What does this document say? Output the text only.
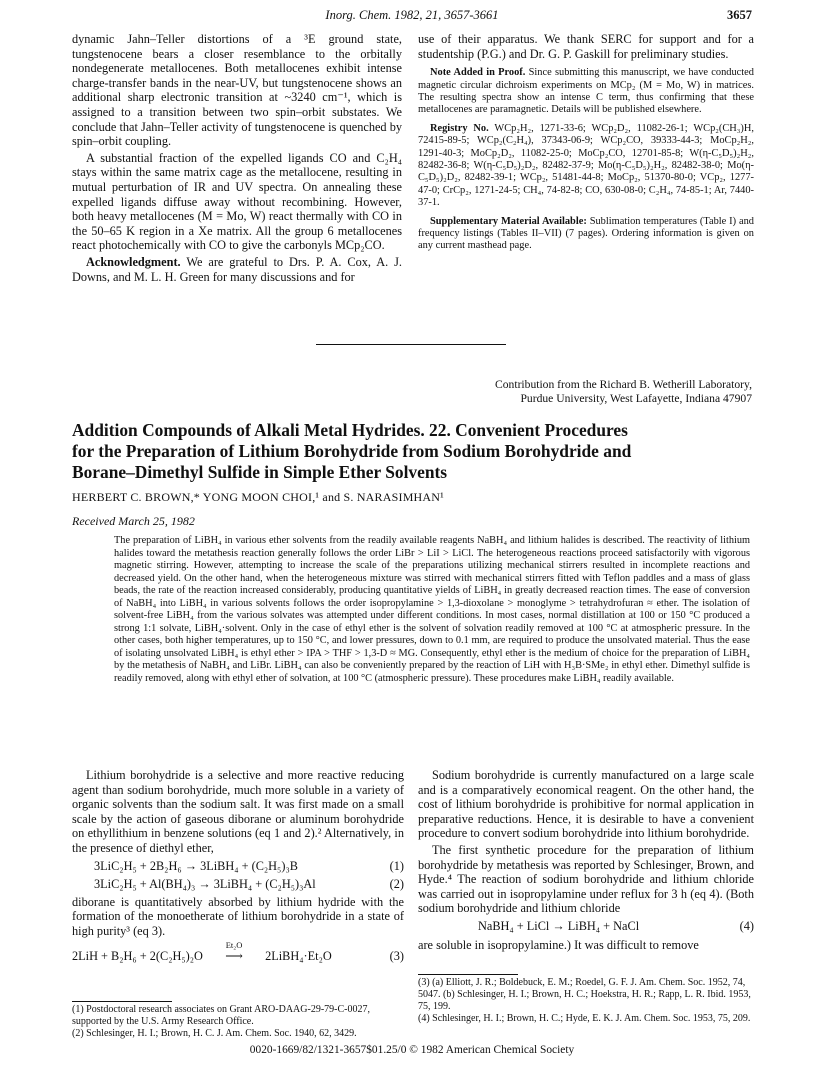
Inorg. Chem. 1982, 21, 3657-3661	3657

dynamic Jahn–Teller distortions of a ³E ground state, tungstenocene bears a closer resemblance to the orbitally nondegenerate metallocenes. Both metallocenes exhibit intense charge-transfer bands in the near-UV, but tungstenocene shows an additional sharp electronic transition at ~3240 cm⁻¹, which is assigned to a transition between two spin–orbit substates. We conclude that Jahn–Teller activity of tungstenocene is quenched by spin–orbit coupling.

A substantial fraction of the expelled ligands CO and C₂H₄ stays within the same matrix cage as the metallocene, resulting in mutual perturbation of IR and UV spectra. On annealing these expelled ligands diffuse away without recombining. However, both heavy metallocenes (M = Mo, W) react thermally with CO in the 50–65 K region in a Xe matrix. All the group 6 metallocenes react photochemically with CO to give the carbonyls MCp₂CO.

Acknowledgment. We are grateful to Drs. P. A. Cox, A. J. Downs, and M. L. H. Green for many discussions and for

use of their apparatus. We thank SERC for support and for a studentship (P.G.) and Dr. G. P. Gaskill for preliminary studies.

Note Added in Proof. Since submitting this manuscript, we have conducted magnetic circular dichroism experiments on MCp₂ (M = Mo, W) in matrices. The resulting spectra show an intense C term, thus confirming that these metallocenes are paramagnetic. Details will be published elsewhere.

Registry No. WCp₂H₂, 1271-33-6; WCp₂D₂, 11082-26-1; WCp₂(CH₃)H, 72415-89-5; WCp₂(C₂H₄), 37343-06-9; WCp₂CO, 39333-44-3; MoCp₂H₂, 1291-40-3; MoCp₂D₂, 11082-25-0; MoCp₂CO, 12701-85-8; W(η-C₅D₅)₂H₂, 82482-36-8; W(η-C₅D₅)₂D₂, 82482-37-9; Mo(η-C₅D₅)₂H₂, 82482-38-0; Mo(η-C₅D₅)₂D₂, 82482-39-1; WCp₂, 51481-44-8; MoCp₂, 51370-80-0; VCp₂, 1277-47-0; CrCp₂, 1271-24-5; CH₄, 74-82-8; CO, 630-08-0; C₂H₄, 74-85-1; Ar, 7440-37-1.

Supplementary Material Available: Sublimation temperatures (Table I) and frequency listings (Tables II–VII) (7 pages). Ordering information is given on any current masthead page.

Contribution from the Richard B. Wetherill Laboratory,
Purdue University, West Lafayette, Indiana 47907
Addition Compounds of Alkali Metal Hydrides. 22. Convenient Procedures
for the Preparation of Lithium Borohydride from Sodium Borohydride and
Borane–Dimethyl Sulfide in Simple Ether Solvents
HERBERT C. BROWN,* YONG MOON CHOI,¹ and S. NARASIMHAN¹
Received March 25, 1982
The preparation of LiBH₄ in various ether solvents from the readily available reagents NaBH₄ and lithium halides is described. The reactivity of lithium halides toward the metathesis reaction generally follows the order LiBr > LiI > LiCl. The heterogeneous reactions proceed satisfactorily with vigorous magnetic stirring. However, attempting to increase the scale of the preparations utilizing mechanical stirrers resulted in incomplete reactions and decreased yield. On the other hand, when the heterogeneous mixture was stirred with mechanical stirrers fitted with Teflon paddles and a mass of glass beads, the rate of the reaction increased considerably, producing quantitative yields of LiBH₄ in greatly decreased reaction times. The ease of conversion of NaBH₄ into LiBH₄ in various solvents follows the order isopropylamine > 1,3-dioxolane > monoglyme > tetrahydrofuran ≈ ether. The isolation of solvent-free LiBH₄ from the various solvates was attempted under different conditions. In most cases, normal distillation at 100 or 150 °C produced a strong 1:1 solvate, LiBH₄·solvent. Only in the case of ethyl ether is the solvent of solvation readily removed at 100 °C at atmospheric pressure. In the other cases, both higher temperatures, up to 150 °C, and lower pressures, down to 0.1 mm, are required to produce the unsolvated material. Thus the ease of isolating unsolvated LiBH₄ is ethyl ether > IPA > THF > 1,3-D ≈ MG. Consequently, ethyl ether is the medium of choice for the preparation of LiBH₄ by the metathesis of NaBH₄ and LiBr. LiBH₄ can also be conveniently prepared by the reaction of LiH with H₃B·SMe₂ in ethyl ether. Dimethyl sulfide is readily removed, along with ethyl ether of solvation, at 100 °C (atmospheric pressure). These procedures make LiBH₄ readily available.

Lithium borohydride is a selective and more reactive reducing agent than sodium borohydride, much more soluble in a variety of organic solvents than the sodium salt. It was first made on a small scale by the action of gaseous diborane or aluminum borohydride on ethyllithium in benzene solutions (eq 1 and 2).² Alternatively, in the presence of diethyl ether,

3LiC₂H₅ + 2B₂H₆ → 3LiBH₄ + (C₂H₅)₃B	(1)
3LiC₂H₅ + Al(BH₄)₃ → 3LiBH₄ + (C₂H₅)₃Al	(2)

diborane is quantitatively absorbed by lithium hydride with the formation of the monoetherate of lithium borohydride in a state of high purity³ (eq 3).

2LiH + B₂H₆ + 2(C₂H₅)₂O
Et₂O
⟶ 2LiBH₄·Et₂O	(3)
(1) Postdoctoral research associates on Grant ARO-DAAG-29-79-C-0027, supported by the U.S. Army Research Office.
(2) Schlesinger, H. I.; Brown, H. C. J. Am. Chem. Soc. 1940, 62, 3429.

Sodium borohydride is currently manufactured on a large scale and is a comparatively economical reagent. On the other hand, the cost of lithium borohydride is prohibitive for normal application in preparative reductions. Hence, it is desirable to have a convenient procedure to convert sodium borohydride into lithium borohydride.

The first synthetic procedure for the preparation of lithium borohydride by metathesis was reported by Schlesinger, Brown, and Hyde.⁴ The reaction of sodium borohydride and lithium chloride was carried out in isopropylamine under reflux for 3 h (eq 4). (Both sodium borohydride and lithium chloride

NaBH₄ + LiCl → LiBH₄ + NaCl	(4)

are soluble in isopropylamine.) It was difficult to remove

(3) (a) Elliott, J. R.; Boldebuck, E. M.; Roedel, G. F. J. Am. Chem. Soc. 1952, 74, 5047. (b) Schlesinger, H. I.; Brown, H. C.; Hoekstra, H. R.; Rapp, L. R. Ibid. 1953, 75, 199.
(4) Schlesinger, H. I.; Brown, H. C.; Hyde, E. K. J. Am. Chem. Soc. 1953, 75, 209.
0020-1669/82/1321-3657$01.25/0 © 1982 American Chemical Society
